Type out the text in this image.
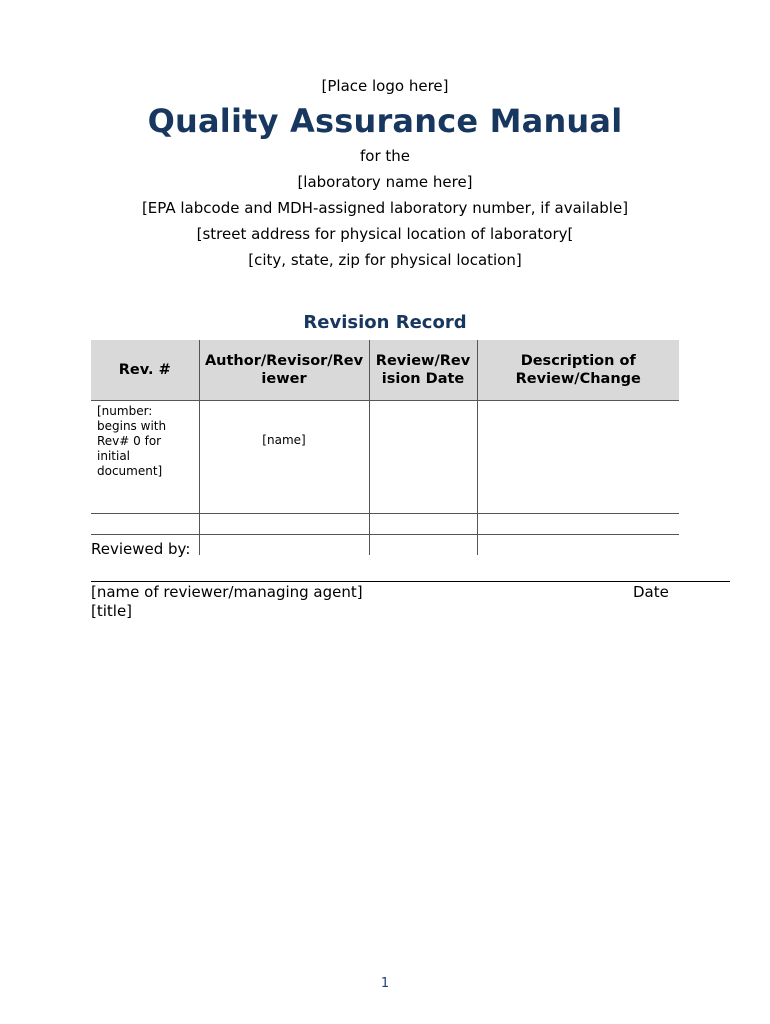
[Place logo here]
Quality Assurance Manual
for the
[laboratory name here]
[EPA labcode and MDH-assigned laboratory number, if available]
[street address for physical location of laboratory[
[city, state, zip for physical location]
Revision Record
Rev. #	Author/Revisor/Reviewer	Review/Revision Date	Description of Review/Change
[number: begins with Rev# 0 for initial document]	[name]		

Reviewed by:
[name of reviewer/managing agent]	Date
[title]
1
